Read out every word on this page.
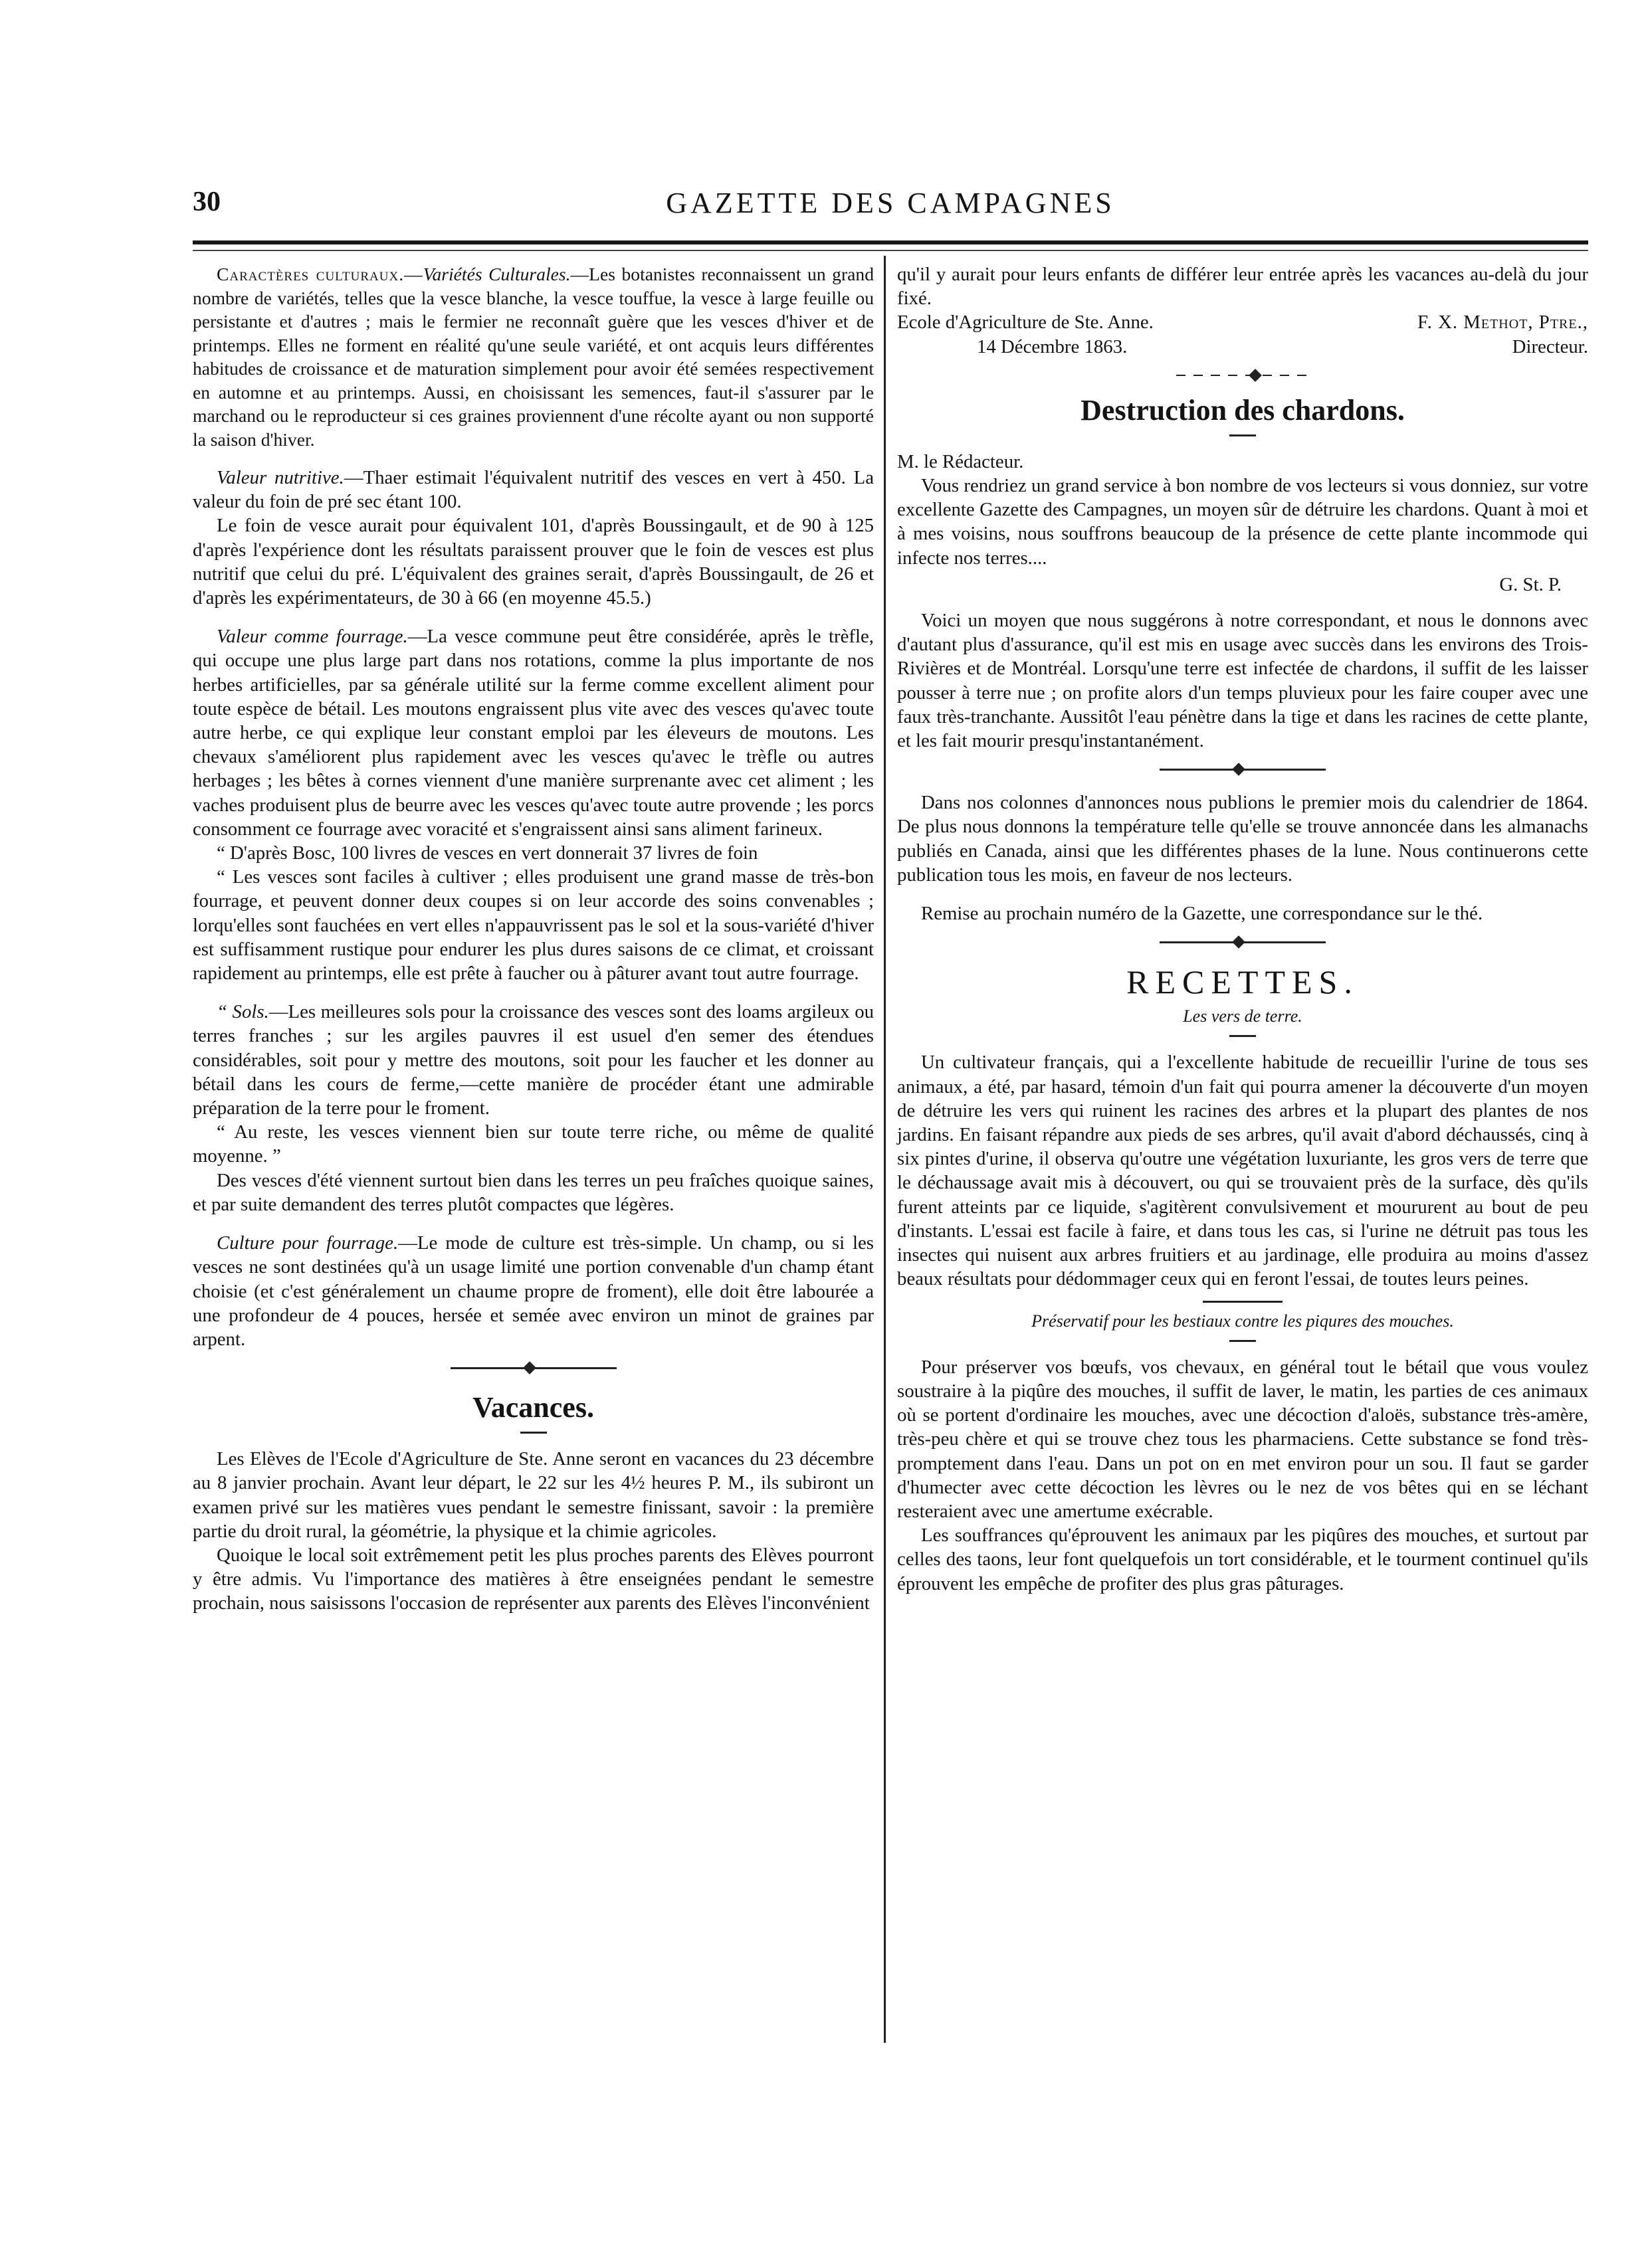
30	GAZETTE DES CAMPAGNES

Caractères culturaux.—Variétés Culturales.—Les botanistes reconnaissent un grand nombre de variétés, telles que la vesce blanche, la vesce touffue, la vesce à large feuille ou persistante et d'autres ; mais le fermier ne reconnaît guère que les vesces d'hiver et de printemps. Elles ne forment en réalité qu'une seule variété, et ont acquis leurs différentes habitudes de croissance et de maturation simplement pour avoir été semées respectivement en automne et au printemps. Aussi, en choisissant les semences, faut-il s'assurer par le marchand ou le reproducteur si ces graines proviennent d'une récolte ayant ou non supporté la saison d'hiver.

Valeur nutritive.—Thaer estimait l'équivalent nutritif des vesces en vert à 450. La valeur du foin de pré sec étant 100.

Le foin de vesce aurait pour équivalent 101, d'après Boussingault, et de 90 à 125 d'après l'expérience dont les résultats paraissent prouver que le foin de vesces est plus nutritif que celui du pré. L'équivalent des graines serait, d'après Boussingault, de 26 et d'après les expérimentateurs, de 30 à 66 (en moyenne 45.5.)

Valeur comme fourrage.—La vesce commune peut être considérée, après le trèfle, qui occupe une plus large part dans nos rotations, comme la plus importante de nos herbes artificielles, par sa générale utilité sur la ferme comme excellent aliment pour toute espèce de bétail. Les moutons engraissent plus vite avec des vesces qu'avec toute autre herbe, ce qui explique leur constant emploi par les éleveurs de moutons. Les chevaux s'améliorent plus rapidement avec les vesces qu'avec le trèfle ou autres herbages ; les bêtes à cornes viennent d'une manière surprenante avec cet aliment ; les vaches produisent plus de beurre avec les vesces qu'avec toute autre provende ; les porcs consomment ce fourrage avec voracité et s'engraissent ainsi sans aliment farineux.

“ D'après Bosc, 100 livres de vesces en vert donnerait 37 livres de foin

“ Les vesces sont faciles à cultiver ; elles produisent une grand masse de très-bon fourrage, et peuvent donner deux coupes si on leur accorde des soins convenables ; lorqu'elles sont fauchées en vert elles n'appauvrissent pas le sol et la sous-variété d'hiver est suffisamment rustique pour endurer les plus dures saisons de ce climat, et croissant rapidement au printemps, elle est prête à faucher ou à pâturer avant tout autre fourrage.

“ Sols.—Les meilleures sols pour la croissance des vesces sont des loams argileux ou terres franches ; sur les argiles pauvres il est usuel d'en semer des étendues considérables, soit pour y mettre des moutons, soit pour les faucher et les donner au bétail dans les cours de ferme,—cette manière de procéder étant une admirable préparation de la terre pour le froment.

“ Au reste, les vesces viennent bien sur toute terre riche, ou même de qualité moyenne. ”

Des vesces d'été viennent surtout bien dans les terres un peu fraîches quoique saines, et par suite demandent des terres plutôt compactes que légères.

Culture pour fourrage.—Le mode de culture est très-simple. Un champ, ou si les vesces ne sont destinées qu'à un usage limité une portion convenable d'un champ étant choisie (et c'est généralement un chaume propre de froment), elle doit être labourée a une profondeur de 4 pouces, hersée et semée avec environ un minot de graines par arpent.

Vacances.

Les Elèves de l'Ecole d'Agriculture de Ste. Anne seront en vacances du 23 décembre au 8 janvier prochain. Avant leur départ, le 22 sur les 4½ heures P. M., ils subiront un examen privé sur les matières vues pendant le semestre finissant, savoir : la première partie du droit rural, la géométrie, la physique et la chimie agricoles.

Quoique le local soit extrêmement petit les plus proches parents des Elèves pourront y être admis. Vu l'importance des matières à être enseignées pendant le semestre prochain, nous saisissons l'occasion de représenter aux parents des Elèves l'inconvénient

qu'il y aurait pour leurs enfants de différer leur entrée après les vacances au-delà du jour fixé.

Ecole d'Agriculture de Ste. Anne.	F. X. Methot, Ptre.,
14 Décembre 1863.	Directeur.
Destruction des chardons.

M. le Rédacteur.

Vous rendriez un grand service à bon nombre de vos lecteurs si vous donniez, sur votre excellente Gazette des Campagnes, un moyen sûr de détruire les chardons. Quant à moi et à mes voisins, nous souffrons beaucoup de la présence de cette plante incommode qui infecte nos terres....

G. St. P.

Voici un moyen que nous suggérons à notre correspondant, et nous le donnons avec d'autant plus d'assurance, qu'il est mis en usage avec succès dans les environs des Trois-Rivières et de Montréal. Lorsqu'une terre est infectée de chardons, il suffit de les laisser pousser à terre nue ; on profite alors d'un temps pluvieux pour les faire couper avec une faux très-tranchante. Aussitôt l'eau pénètre dans la tige et dans les racines de cette plante, et les fait mourir presqu'instantanément.

Dans nos colonnes d'annonces nous publions le premier mois du calendrier de 1864. De plus nous donnons la température telle qu'elle se trouve annoncée dans les almanachs publiés en Canada, ainsi que les différentes phases de la lune. Nous continuerons cette publication tous les mois, en faveur de nos lecteurs.

Remise au prochain numéro de la Gazette, une correspondance sur le thé.

RECETTES.
Les vers de terre.

Un cultivateur français, qui a l'excellente habitude de recueillir l'urine de tous ses animaux, a été, par hasard, témoin d'un fait qui pourra amener la découverte d'un moyen de détruire les vers qui ruinent les racines des arbres et la plupart des plantes de nos jardins. En faisant répandre aux pieds de ses arbres, qu'il avait d'abord déchaussés, cinq à six pintes d'urine, il observa qu'outre une végétation luxuriante, les gros vers de terre que le déchaussage avait mis à découvert, ou qui se trouvaient près de la surface, dès qu'ils furent atteints par ce liquide, s'agitèrent convulsivement et moururent au bout de peu d'instants. L'essai est facile à faire, et dans tous les cas, si l'urine ne détruit pas tous les insectes qui nuisent aux arbres fruitiers et au jardinage, elle produira au moins d'assez beaux résultats pour dédommager ceux qui en feront l'essai, de toutes leurs peines.

Préservatif pour les bestiaux contre les piqures des mouches.

Pour préserver vos bœufs, vos chevaux, en général tout le bétail que vous voulez soustraire à la piqûre des mouches, il suffit de laver, le matin, les parties de ces animaux où se portent d'ordinaire les mouches, avec une décoction d'aloës, substance très-amère, très-peu chère et qui se trouve chez tous les pharmaciens. Cette substance se fond très-promptement dans l'eau. Dans un pot on en met environ pour un sou. Il faut se garder d'humecter avec cette décoction les lèvres ou le nez de vos bêtes qui en se léchant resteraient avec une amertume exécrable.

Les souffrances qu'éprouvent les animaux par les piqûres des mouches, et surtout par celles des taons, leur font quelquefois un tort considérable, et le tourment continuel qu'ils éprouvent les empêche de profiter des plus gras pâturages.
